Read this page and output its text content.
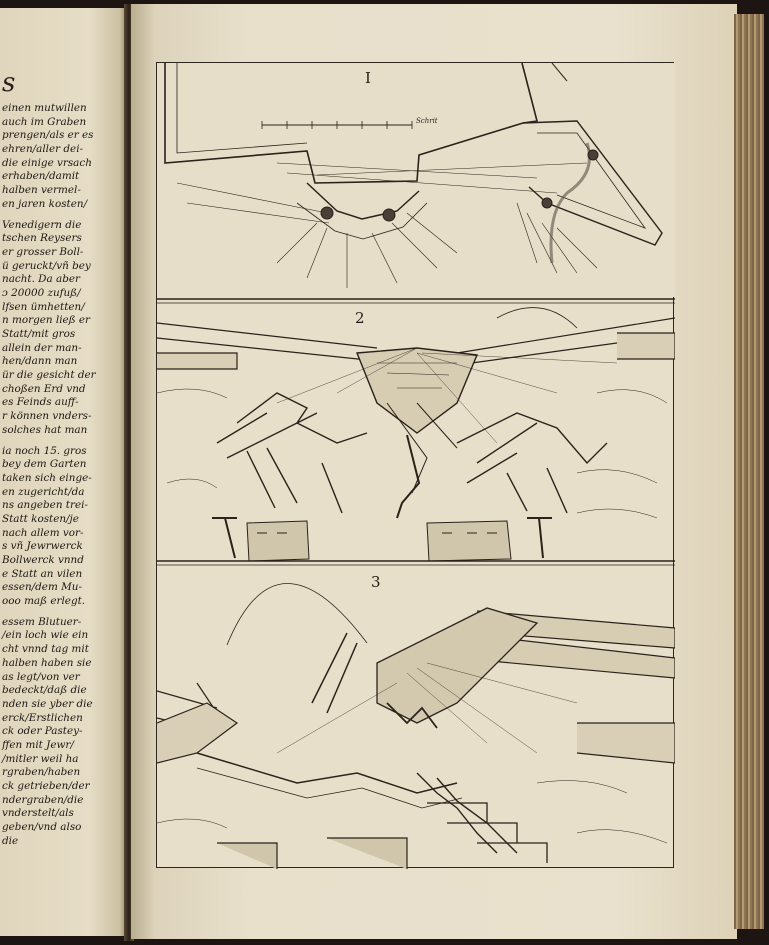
s
einen mutwillen
auch im Graben
prengen/als er es
ehren/aller dei-
die einige vrsach
erhaben/damit
halben vermel-
en jaren kosten/
Venedigern die
tschen Reysers
er grosser Boll-
ü geruckt/vñ bey
nacht. Da aber
ɔ 20000 zufuß/
lfsen ümhetten/
n morgen ließ er
Statt/mit gros
allein der man-
hen/dann man
ür die gesicht der
choßen Erd vnd
es Feinds auff-
r können vnders-
solches hat man
ia noch 15. gros
bey dem Garten
taken sich einge-
en zugericht/da
ns angeben trei-
Statt kosten/je
nach allem vor-
s vñ Jewrwerck
Bollwerck vnnd
e Statt an vilen
essen/dem Mu-
ooo maß erlegt.
essem Blutuer-
/ein loch wie ein
cht vnnd tag mit
halben haben sie
as legt/von ver
bedeckt/daß die
nden sie yber die
erck/Erstlichen
ck oder Pastey-
ffen mit Jewr/
/mitler weil ha
rgraben/haben
ck getrieben/der
ndergraben/die
vnderstelt/als
geben/vnd also
die
I
Schrit
2
3
